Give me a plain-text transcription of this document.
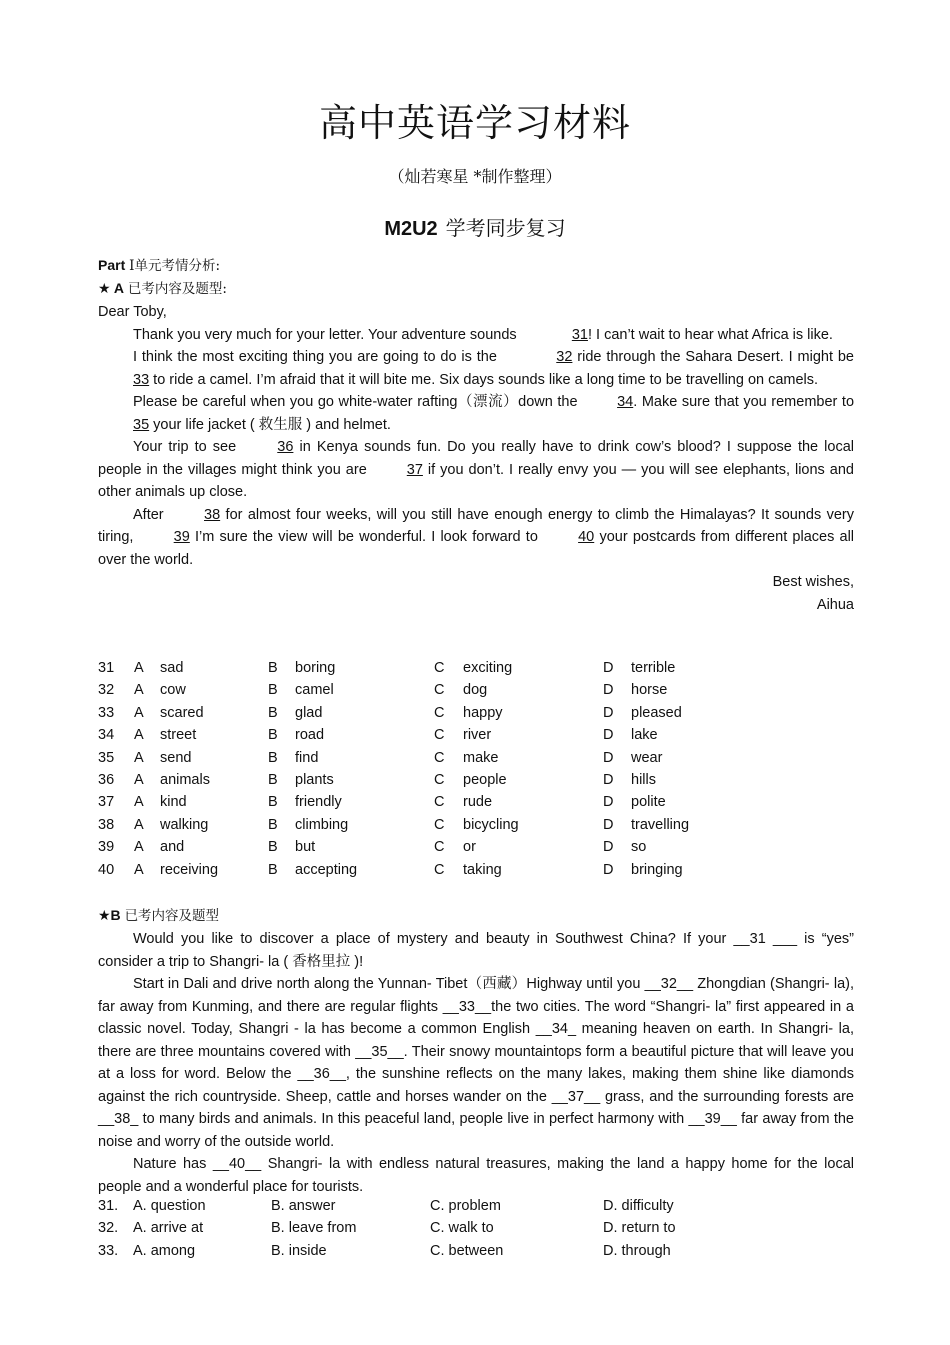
高中英语学习材料
（灿若寒星 *制作整理）
M2U2 学考同步复习
Part Ⅰ单元考情分析:
★ A 已考内容及题型:

Dear Toby,

Thank you very much for your letter. Your adventure sounds	31! I can’t wait to hear what Africa is like.

I think the most exciting thing you are going to do is the	32 ride through the Sahara Desert. I might be 33 to ride a camel. I’m afraid that it will bite me. Six days sounds like a long time to be travelling on camels.

Please be careful when you go white-water rafting（漂流）down the	34. Make sure that you remember to 35 your life jacket ( 救生服 ) and helmet.

Your trip to see	36 in Kenya sounds fun. Do you really have to drink cow’s blood? I suppose the local people in the villages might think you are	37 if you don’t. I really envy you — you will see elephants, lions and other animals up close.

After	38 for almost four weeks, will you still have enough energy to climb the Himalayas? It sounds very tiring,	39 I’m sure the view will be wonderful. I look forward to	40 your postcards from different places all over the world.

Best wishes,

Aihua

31 A sad	B boring	C exciting	D terrible
32 A cow	B camel	C dog	D horse
33 A scared	B glad	C happy	D pleased
34 A street	B road	C river	D lake
35 A send	B find	C make	D wear
36 A animals	B plants	C people	D hills
37 A kind	B friendly	C rude	D polite
38 A walking	B climbing	C bicycling	D travelling
39 A and	B but	C or	D so
40 A receiving	B accepting	C taking	D bringing
★B 已考内容及题型

Would you like to discover a place of mystery and beauty in Southwest China? If your __31 ___ is “yes” consider a trip to Shangri- la ( 香格里拉 )!

Start in Dali and drive north along the Yunnan- Tibet（西藏）Highway until you __32__ Zhongdian (Shangri- la), far away from Kunming, and there are regular flights __33__the two cities. The word “Shangri- la” first appeared in a classic novel. Today, Shangri - la has become a common English __34_ meaning heaven on earth. In Shangri- la, there are three mountains covered with __35__. Their snowy mountaintops form a beautiful picture that will leave you at a loss for word. Below the __36__, the sunshine reflects on the many lakes, making them shine like diamonds against the rich countryside. Sheep, cattle and horses wander on the __37__ grass, and the surrounding forests are __38_ to many birds and animals. In this peaceful land, people live in perfect harmony with __39__ far away from the noise and worry of the outside world.

Nature has __40__ Shangri- la with endless natural treasures, making the land a happy home for the local people and a wonderful place for tourists.

31. A. question	B. answer	C. problem	D. difficulty
32. A. arrive at	B. leave from	C. walk to	D. return to
33. A. among	B. inside	C. between	D. through
